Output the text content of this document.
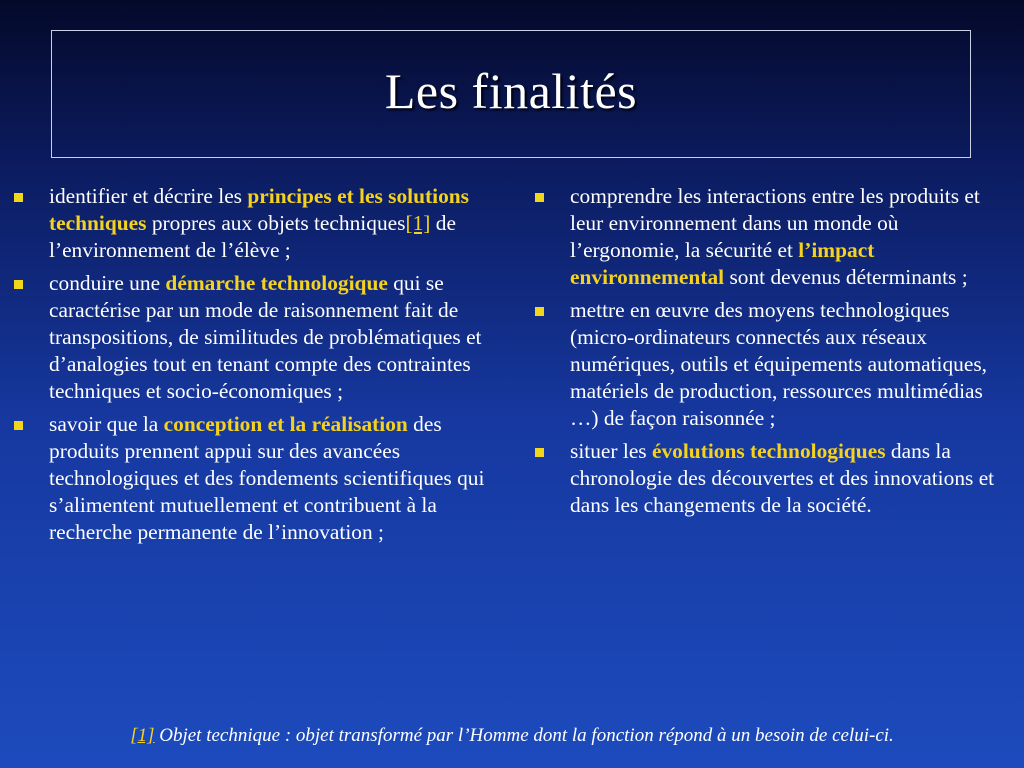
Les finalités
identifier et décrire les principes et les solutions techniques propres aux objets techniques[1] de l’environnement de l’élève ;
conduire une démarche technologique qui se caractérise par un mode de raisonnement fait de transpositions, de similitudes de problématiques et d’analogies tout en tenant compte des contraintes techniques et socio-économiques ;
savoir que la conception et la réalisation des produits prennent appui sur des avancées technologiques et des fondements scientifiques qui s’alimentent mutuellement et contribuent à la recherche permanente de l’innovation ;
comprendre les interactions entre les produits et leur environnement dans un monde où l’ergonomie, la sécurité et l’impact environnemental sont devenus déterminants ;
mettre en œuvre des moyens technologiques (micro-ordinateurs connectés aux réseaux numériques, outils et équipements automatiques, matériels de production, ressources multimédias …) de façon raisonnée ;
situer les évolutions technologiques dans la chronologie des découvertes et des innovations et dans les changements de la société.
[1] Objet technique : objet transformé par l’Homme dont la fonction répond à un besoin de celui-ci.
